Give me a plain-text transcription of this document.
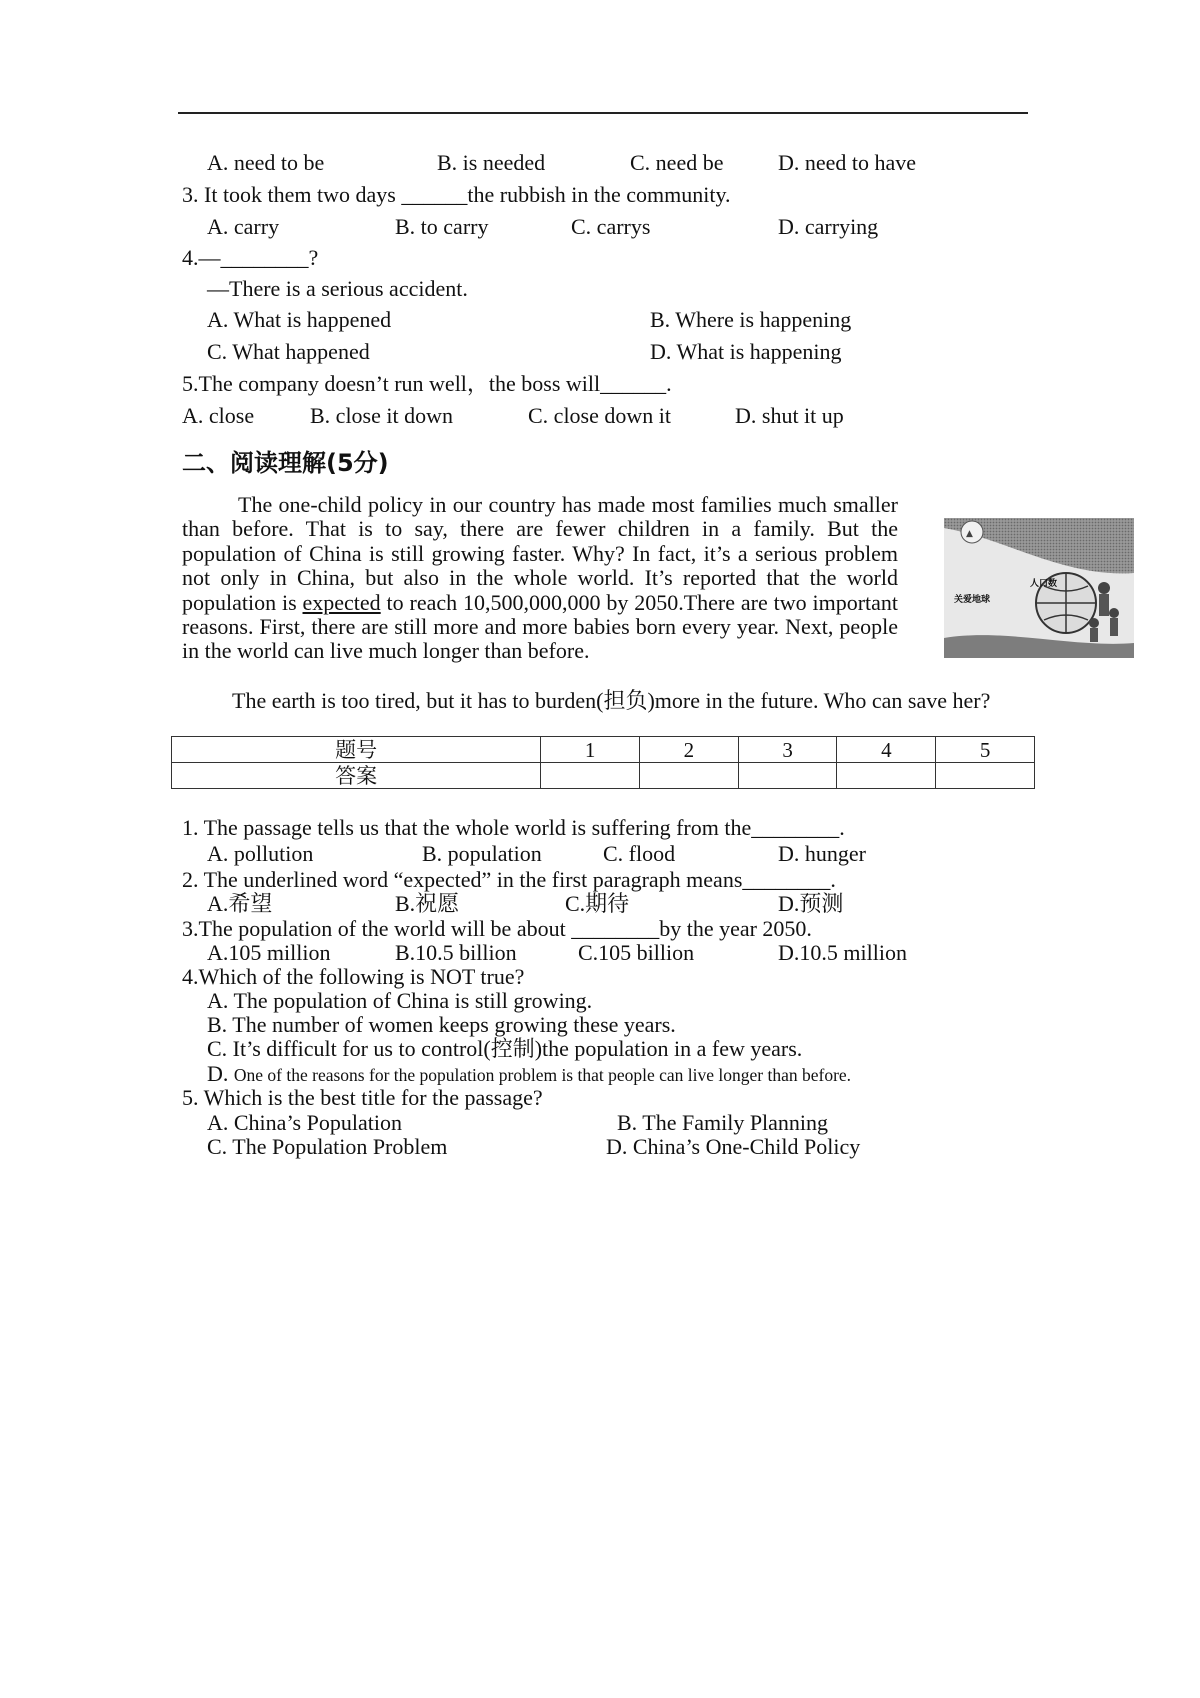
A. need to be	B. is needed	C. need be D. need to have
3. It took them two days ______the rubbish in the community.
A. carry	B. to carry	C. carrys	D. carrying
4.—________?
—There is a serious accident.
A. What is happened	B. Where is happening
C. What happened	D. What is happening
5.The company doesn’t run well，the boss will______.
A. close	B. close it down	C. close down it	D. shut it up
二、阅读理解(5分)

The one-child policy in our country has made most families much smaller than before. That is to say, there are fewer children in a family. But the population of China is still growing faster. Why? In fact, it’s a serious problem not only in China, but also in the whole world. It’s reported that the world population is expected to reach 10,500,000,000 by 2050.There are two important reasons. First, there are still more and more babies born every year. Next, people in the world can live much longer than before.

The earth is too tired, but it has to burden(担负)more in the future. Who can save her?
▲
人口数
关爱地球
题号	1	2	3	4	5
答案					
1. The passage tells us that the whole world is suffering from the________.
A. pollution	B. population	C. flood	D. hunger
2. The underlined word “expected” in the first paragraph means________.
A.希望	B.祝愿	C.期待	D.预测
3.The population of the world will be about ________by the year 2050.
A.105 million	B.10.5 billion	C.105 billion	D.10.5 million
4.Which of the following is NOT true?
A. The population of China is still growing.
B. The number of women keeps growing these years.
C. It’s difficult for us to control(控制)the population in a few years.
D. One of the reasons for the population problem is that people can live longer than before.
5. Which is the best title for the passage?
A. China’s Population	B. The Family Planning
C. The Population Problem	D. China’s One-Child Policy
